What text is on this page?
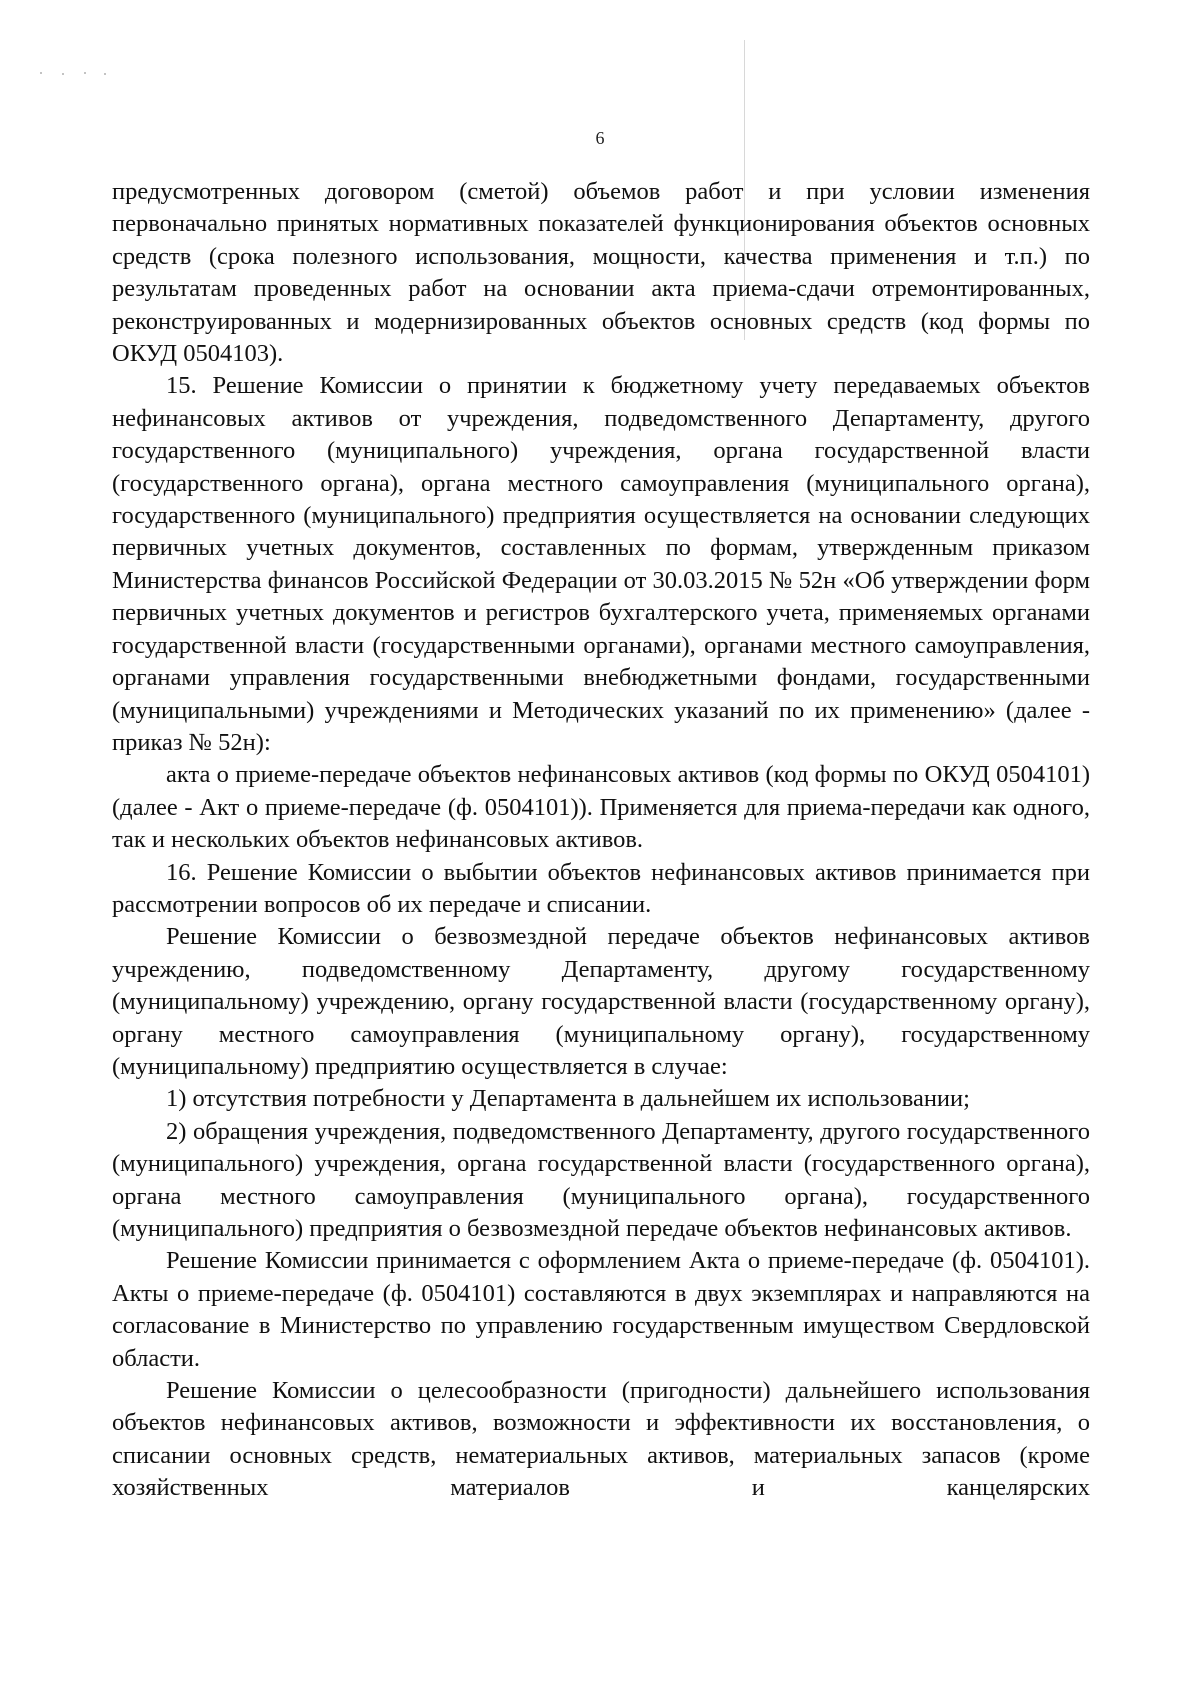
6

предусмотренных договором (сметой) объемов работ и при условии изменения первоначально принятых нормативных показателей функционирования объектов основных средств (срока полезного использования, мощности, качества применения и т.п.) по результатам проведенных работ на основании акта приема-сдачи отремонтированных, реконструированных и модернизированных объектов основных средств (код формы по ОКУД 0504103).

15. Решение Комиссии о принятии к бюджетному учету передаваемых объектов нефинансовых активов от учреждения, подведомственного Департаменту, другого государственного (муниципального) учреждения, органа государственной власти (государственного органа), органа местного самоуправления (муниципального органа), государственного (муниципального) предприятия осуществляется на основании следующих первичных учетных документов, составленных по формам, утвержденным приказом Министерства финансов Российской Федерации от 30.03.2015 № 52н «Об утверждении форм первичных учетных документов и регистров бухгалтерского учета, применяемых органами государственной власти (государственными органами), органами местного самоуправления, органами управления государственными внебюджетными фондами, государственными (муниципальными) учреждениями и Методических указаний по их применению» (далее - приказ № 52н):

акта о приеме-передаче объектов нефинансовых активов (код формы по ОКУД 0504101) (далее - Акт о приеме-передаче (ф. 0504101)). Применяется для приема-передачи как одного, так и нескольких объектов нефинансовых активов.

16. Решение Комиссии о выбытии объектов нефинансовых активов принимается при рассмотрении вопросов об их передаче и списании.

Решение Комиссии о безвозмездной передаче объектов нефинансовых активов учреждению, подведомственному Департаменту, другому государственному (муниципальному) учреждению, органу государственной власти (государственному органу), органу местного самоуправления (муниципальному органу), государственному (муниципальному) предприятию осуществляется в случае:

1) отсутствия потребности у Департамента в дальнейшем их использовании;

2) обращения учреждения, подведомственного Департаменту, другого государственного (муниципального) учреждения, органа государственной власти (государственного органа), органа местного самоуправления (муниципального органа), государственного (муниципального) предприятия о безвозмездной передаче объектов нефинансовых активов.

Решение Комиссии принимается с оформлением Акта о приеме-передаче (ф. 0504101). Акты о приеме-передаче (ф. 0504101) составляются в двух экземплярах и направляются на согласование в Министерство по управлению государственным имуществом Свердловской области.

Решение Комиссии о целесообразности (пригодности) дальнейшего использования объектов нефинансовых активов, возможности и эффективности их восстановления, о списании основных средств, нематериальных активов, материальных запасов (кроме хозяйственных материалов и канцелярских
